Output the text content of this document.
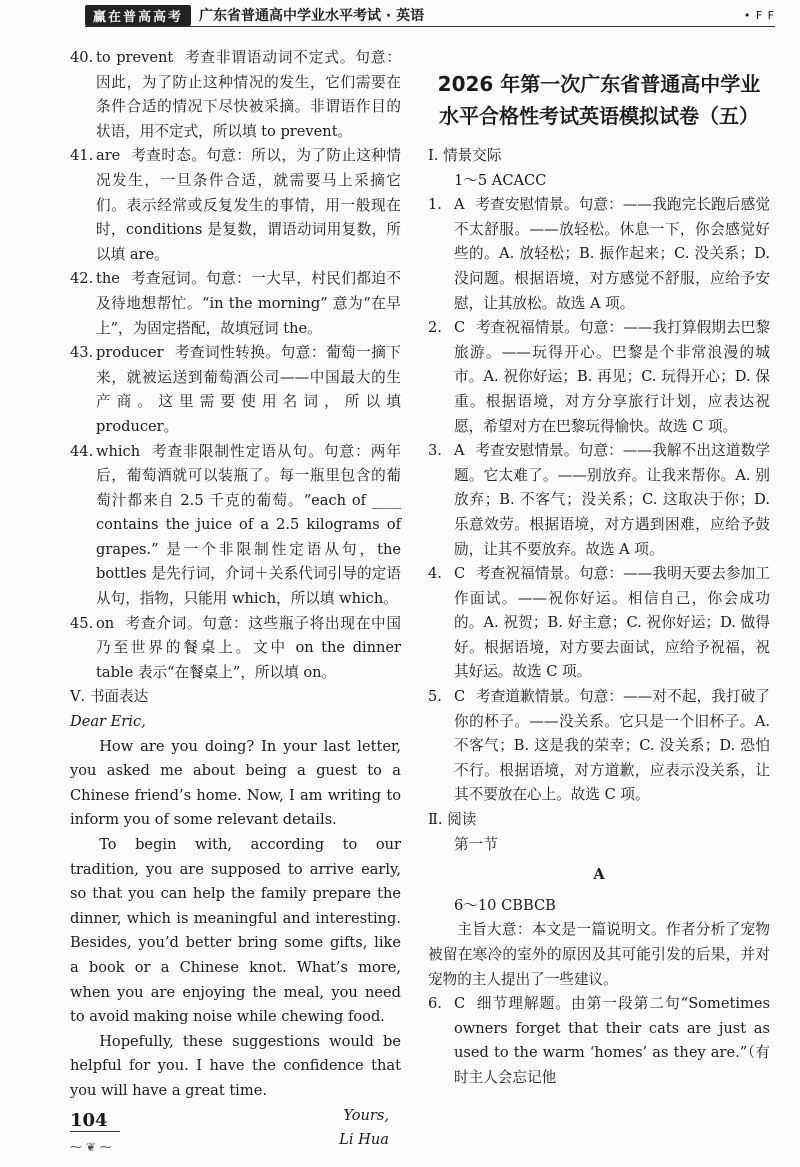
赢在普高高考	广东省普通高中学业水平考试 · 英语	• F F
40. to prevent 考查非谓语动词不定式。句意：因此，为了防止这种情况的发生，它们需要在条件合适的情况下尽快被采摘。非谓语作目的状语，用不定式，所以填 to prevent。
41. are 考查时态。句意：所以，为了防止这种情况发生，一旦条件合适，就需要马上采摘它们。表示经常或反复发生的事情，用一般现在时，conditions 是复数，谓语动词用复数，所以填 are。
42. the 考查冠词。句意：一大早，村民们都迫不及待地想帮忙。“in the morning” 意为“在早上”，为固定搭配，故填冠词 the。
43. producer 考查词性转换。句意：葡萄一摘下来，就被运送到葡萄酒公司——中国最大的生产商。这里需要使用名词，所以填 producer。
44. which 考查非限制性定语从句。句意：两年后，葡萄酒就可以装瓶了。每一瓶里包含的葡萄汁都来自 2.5 千克的葡萄。“each of ____ contains the juice of a 2.5 kilograms of grapes.” 是一个非限制性定语从句，the bottles 是先行词，介词＋关系代词引导的定语从句，指物，只能用 which，所以填 which。
45. on 考查介词。句意：这些瓶子将出现在中国乃至世界的餐桌上。文中 on the dinner table 表示“在餐桌上”，所以填 on。
Ⅴ. 书面表达

Dear Eric,

How are you doing? In your last letter, you asked me about being a guest to a Chinese friend’s home. Now, I am writing to inform you of some relevant details.

To begin with, according to our tradition, you are supposed to arrive early, so that you can help the family prepare the dinner, which is meaningful and interesting. Besides, you’d better bring some gifts, like a book or a Chinese knot. What’s more, when you are enjoying the meal, you need to avoid making noise while chewing food.

Hopefully, these suggestions would be helpful for you. I have the confidence that you will have a great time.

Yours,

Li Hua

2026 年第一次广东省普通高中学业
水平合格性考试英语模拟试卷（五）
Ⅰ. 情景交际
1～5 ACACC
1. A 考查安慰情景。句意：——我跑完长跑后感觉不太舒服。——放轻松。休息一下，你会感觉好些的。A. 放轻松；B. 振作起来；C. 没关系；D. 没问题。根据语境，对方感觉不舒服，应给予安慰，让其放松。故选 A 项。
2. C 考查祝福情景。句意：——我打算假期去巴黎旅游。——玩得开心。巴黎是个非常浪漫的城市。A. 祝你好运；B. 再见；C. 玩得开心；D. 保重。根据语境，对方分享旅行计划，应表达祝愿，希望对方在巴黎玩得愉快。故选 C 项。
3. A 考查安慰情景。句意：——我解不出这道数学题。它太难了。——别放弃。让我来帮你。A. 别放弃；B. 不客气；没关系；C. 这取决于你；D. 乐意效劳。根据语境，对方遇到困难，应给予鼓励，让其不要放弃。故选 A 项。
4. C 考查祝福情景。句意：——我明天要去参加工作面试。——祝你好运。相信自己，你会成功的。A. 祝贺；B. 好主意；C. 祝你好运；D. 做得好。根据语境，对方要去面试，应给予祝福，祝其好运。故选 C 项。
5. C 考查道歉情景。句意：——对不起，我打破了你的杯子。——没关系。它只是一个旧杯子。A. 不客气；B. 这是我的荣幸；C. 没关系；D. 恐怕不行。根据语境，对方道歉，应表示没关系，让其不要放在心上。故选 C 项。
Ⅱ. 阅读
第一节
A
6～10 CBBCB

主旨大意：本文是一篇说明文。作者分析了宠物被留在寒冷的室外的原因及其可能引发的后果，并对宠物的主人提出了一些建议。

6. C 细节理解题。由第一段第二句“Sometimes owners forget that their cats are just as used to the warm ‘homes’ as they are.”（有时主人会忘记他
104
⁓ ❦ ⁓
